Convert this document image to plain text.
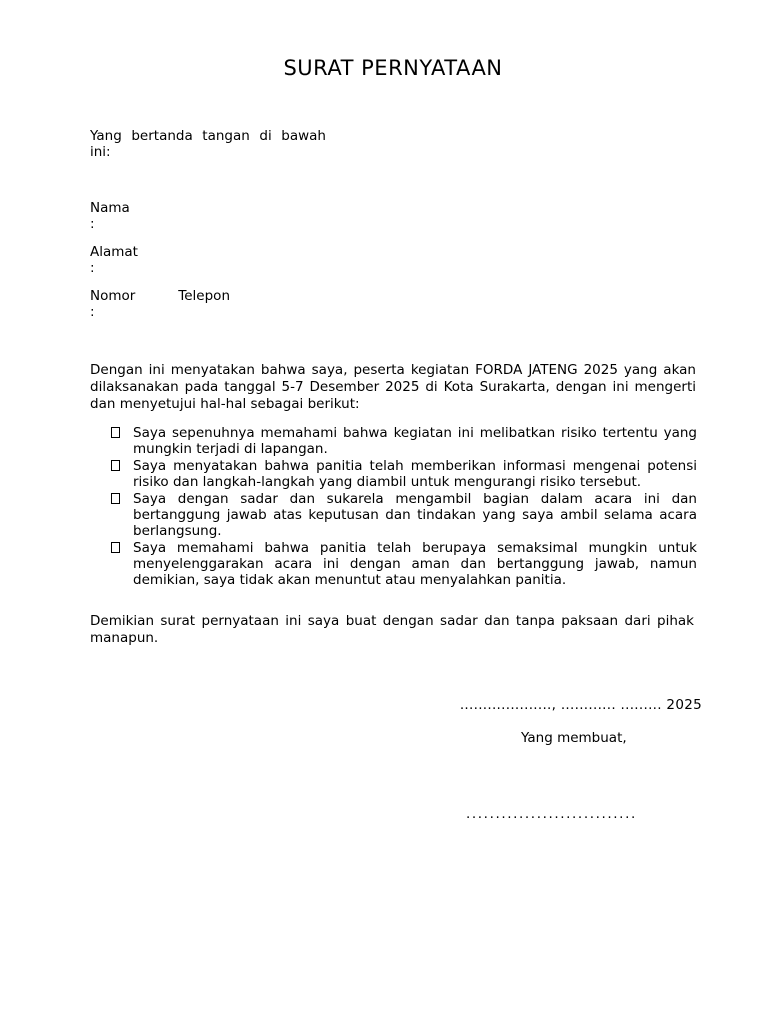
SURAT PERNYATAAN
Yang bertanda tangan di bawah ini:
Nama
:
Alamat
:
Nomor	Telepon
:

Dengan ini menyatakan bahwa saya, peserta kegiatan FORDA JATENG 2025 yang akan dilaksanakan pada tanggal 5-7 Desember 2025 di Kota Surakarta, dengan ini mengerti dan menyetujui hal-hal sebagai berikut:

Saya sepenuhnya memahami bahwa kegiatan ini melibatkan risiko tertentu yang mungkin terjadi di lapangan.
Saya menyatakan bahwa panitia telah memberikan informasi mengenai potensi risiko dan langkah-langkah yang diambil untuk mengurangi risiko tersebut.
Saya dengan sadar dan sukarela mengambil bagian dalam acara ini dan bertanggung jawab atas keputusan dan tindakan yang saya ambil selama acara berlangsung.
Saya memahami bahwa panitia telah berupaya semaksimal mungkin untuk menyelenggarakan acara ini dengan aman dan bertanggung jawab, namun demikian, saya tidak akan menuntut atau menyalahkan panitia.
Demikian surat pernyataan ini saya buat dengan sadar dan tanpa paksaan dari pihak manapun.
...................., ............ ......... 2025
Yang membuat,
.............................
